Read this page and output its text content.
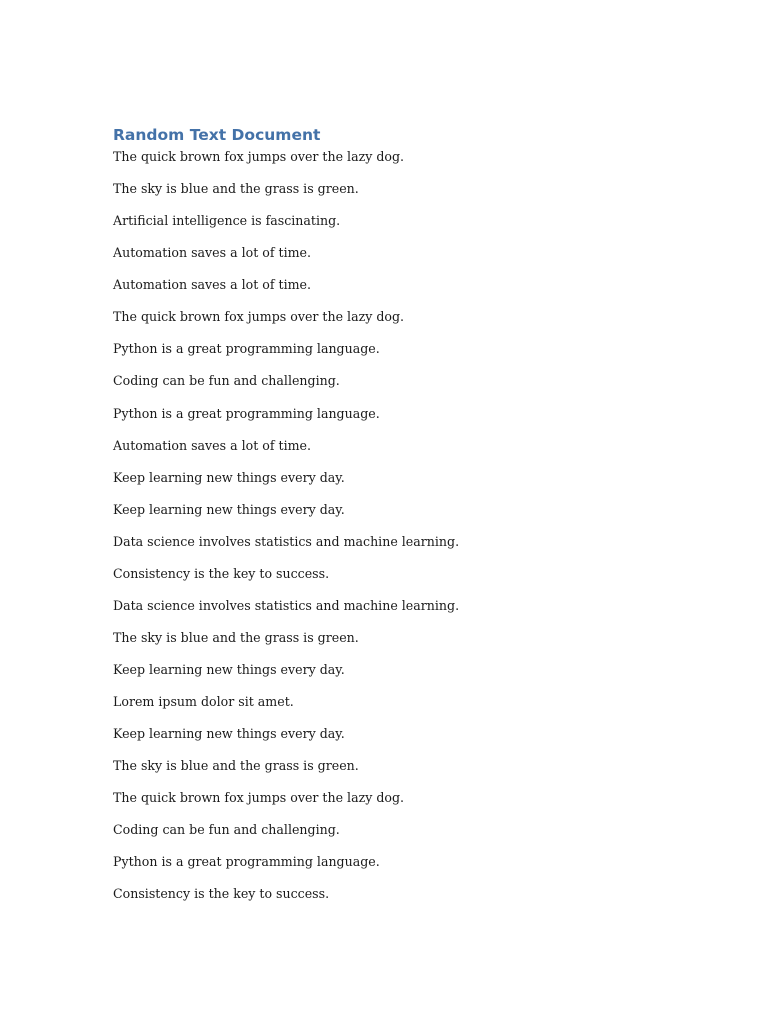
Random Text Document
The quick brown fox jumps over the lazy dog.
The sky is blue and the grass is green.
Artificial intelligence is fascinating.
Automation saves a lot of time.
Automation saves a lot of time.
The quick brown fox jumps over the lazy dog.
Python is a great programming language.
Coding can be fun and challenging.
Python is a great programming language.
Automation saves a lot of time.
Keep learning new things every day.
Keep learning new things every day.
Data science involves statistics and machine learning.
Consistency is the key to success.
Data science involves statistics and machine learning.
The sky is blue and the grass is green.
Keep learning new things every day.
Lorem ipsum dolor sit amet.
Keep learning new things every day.
The sky is blue and the grass is green.
The quick brown fox jumps over the lazy dog.
Coding can be fun and challenging.
Python is a great programming language.
Consistency is the key to success.
